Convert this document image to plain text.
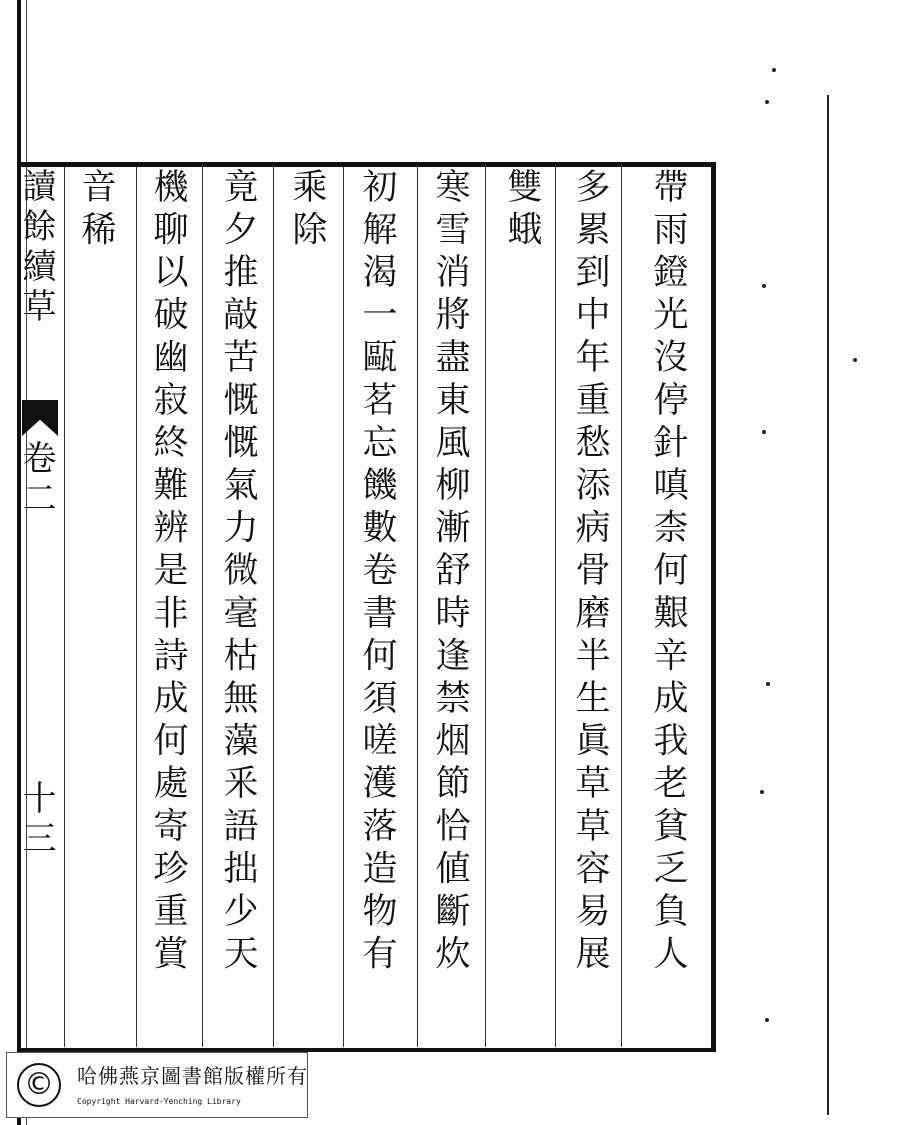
帶雨鐙光沒停針嗔柰何艱辛成我老貧乏負人
多累到中年重愁添病骨磨半生眞草草容易展
雙蛾
寒雪消將盡東風柳漸舒時逢禁烟節恰値斷炊
初解渴一甌茗忘饑數卷書何須嗟濩落造物有
乘除
竟夕推敲苦慨慨氣力微毫枯無藻釆語拙少天
機聊以破幽寂終難辨是非詩成何處寄珍重賞
音稀
讀餘續草
卷二
十三
©	哈佛燕京圖書館版權所有
Copyright Harvard-Yenching Library
